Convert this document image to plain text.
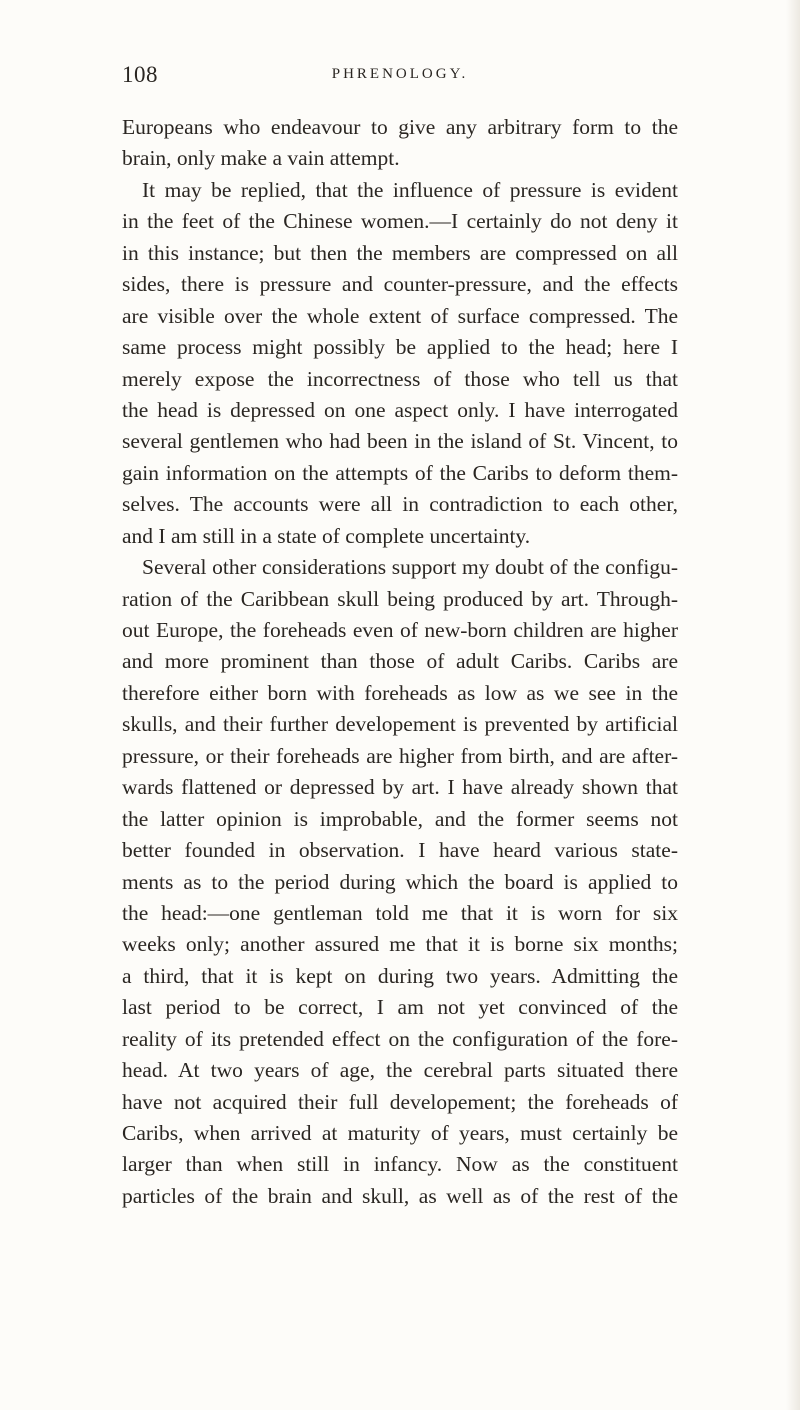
108	PHRENOLOGY.
Europeans who endeavour to give any arbitrary form to the
brain, only make a vain attempt.
It may be replied, that the influence of pressure is evident
in the feet of the Chinese women.—I certainly do not deny it
in this instance; but then the members are compressed on all
sides, there is pressure and counter-pressure, and the effects
are visible over the whole extent of surface compressed. The
same process might possibly be applied to the head; here I
merely expose the incorrectness of those who tell us that
the head is depressed on one aspect only. I have interrogated
several gentlemen who had been in the island of St. Vincent, to
gain information on the attempts of the Caribs to deform them-
selves. The accounts were all in contradiction to each other,
and I am still in a state of complete uncertainty.
Several other considerations support my doubt of the configu-
ration of the Caribbean skull being produced by art. Through-
out Europe, the foreheads even of new-born children are higher
and more prominent than those of adult Caribs. Caribs are
therefore either born with foreheads as low as we see in the
skulls, and their further developement is prevented by artificial
pressure, or their foreheads are higher from birth, and are after-
wards flattened or depressed by art. I have already shown that
the latter opinion is improbable, and the former seems not
better founded in observation. I have heard various state-
ments as to the period during which the board is applied to
the head:—one gentleman told me that it is worn for six
weeks only; another assured me that it is borne six months;
a third, that it is kept on during two years. Admitting the
last period to be correct, I am not yet convinced of the
reality of its pretended effect on the configuration of the fore-
head. At two years of age, the cerebral parts situated there
have not acquired their full developement; the foreheads of
Caribs, when arrived at maturity of years, must certainly be
larger than when still in infancy. Now as the constituent
particles of the brain and skull, as well as of the rest of the
